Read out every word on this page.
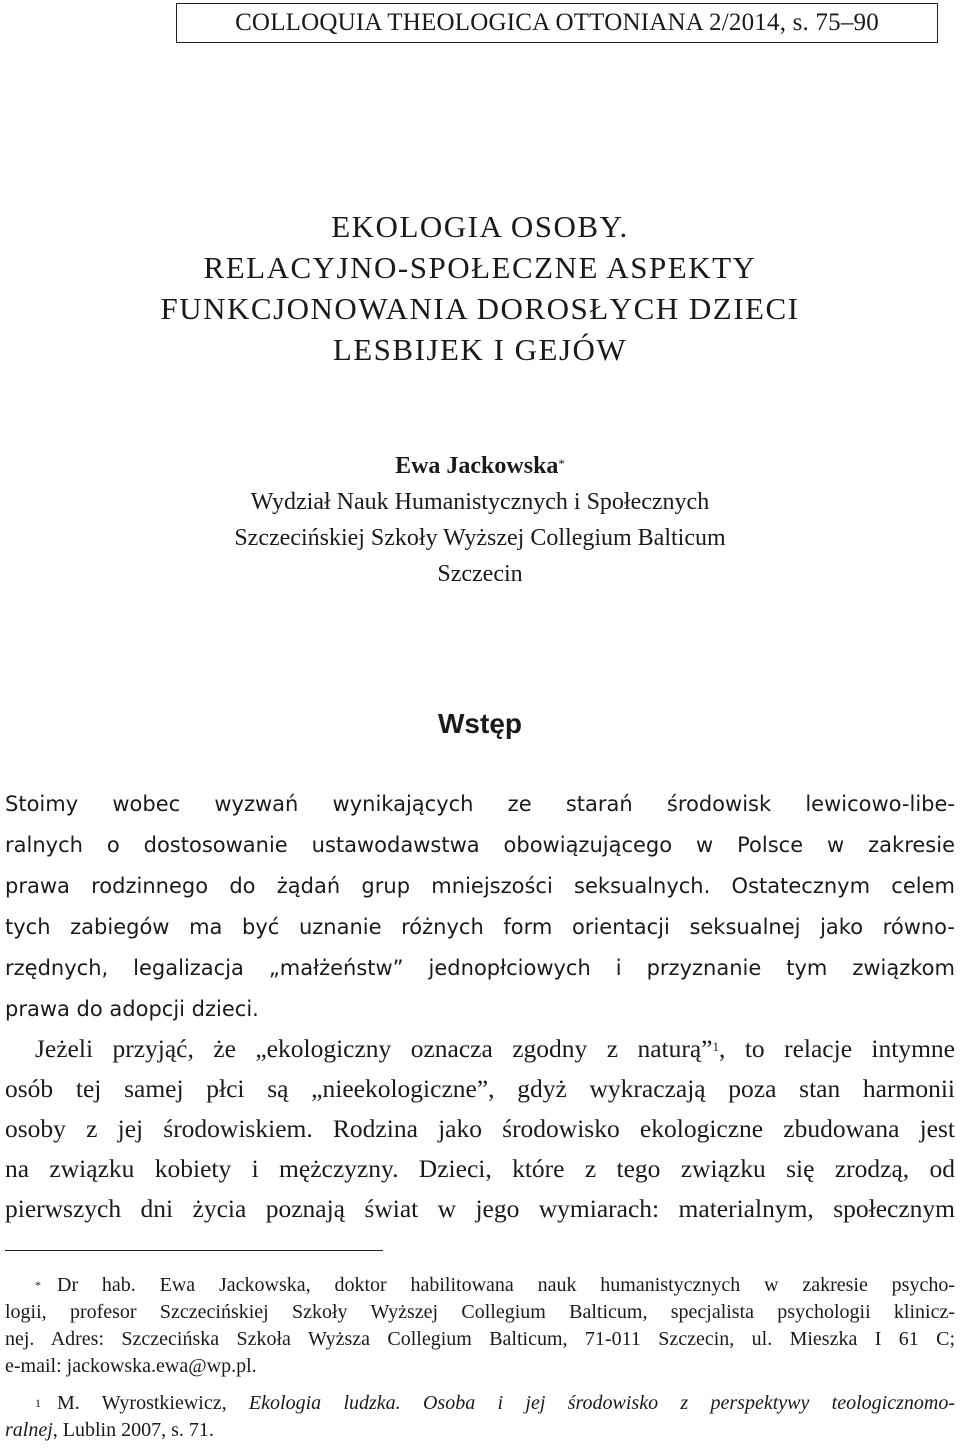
COLLOQUIA THEOLOGICA OTTONIANA 2/2014, s. 75–90
EKOLOGIA OSOBY.
RELACYJNO-SPOŁECZNE ASPEKTY
FUNKCJONOWANIA DOROSŁYCH DZIECI
LESBIJEK I GEJÓW
Ewa Jackowska*
Wydział Nauk Humanistycznych i Społecznych
Szczecińskiej Szkoły Wyższej Collegium Balticum
Szczecin
Wstęp
Stoimy wobec wyzwań wynikających ze starań środowisk lewicowo-libe-
ralnych o dostosowanie ustawodawstwa obowiązującego w Polsce w zakresie
prawa rodzinnego do żądań grup mniejszości seksualnych. Ostatecznym celem
tych zabiegów ma być uznanie różnych form orientacji seksualnej jako równo-
rzędnych, legalizacja „małżeństw” jednopłciowych i przyznanie tym związkom
prawa do adopcji dzieci.
Jeżeli przyjąć, że „ekologiczny oznacza zgodny z naturą”$^1$, to relacje intymne
osób tej samej płci są „nieekologiczne”, gdyż wykraczają poza stan harmonii
osoby z jej środowiskiem. Rodzina jako środowisko ekologiczne zbudowana jest
na związku kobiety i mężczyzny. Dzieci, które z tego związku się zrodzą, od
pierwszych dni życia poznają świat w jego wymiarach: materialnym, społecznym
* Dr hab. Ewa Jackowska, doktor habilitowana nauk humanistycznych w zakresie psycho-
logii, profesor Szczecińskiej Szkoły Wyższej Collegium Balticum, specjalista psychologii klinicz-
nej. Adres: Szczecińska Szkoła Wyższa Collegium Balticum, 71-011 Szczecin, ul. Mieszka I 61 C;
e-mail: jackowska.ewa@wp.pl.
$^1$ M. Wyrostkiewicz, Ekologia ludzka. Osoba i jej środowisko z perspektywy teologicznomo-
ralnej, Lublin 2007, s. 71.
